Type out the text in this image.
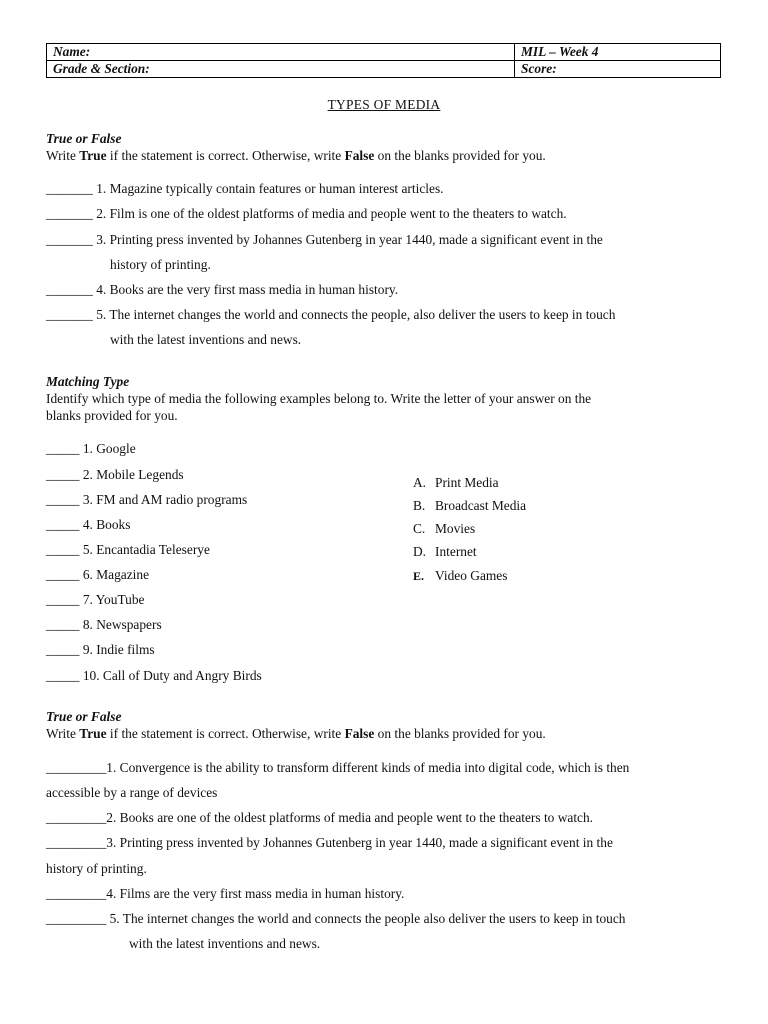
Name:	MIL – Week 4
Grade & Section:	Score:
TYPES OF MEDIA
True or False
Write True if the statement is correct. Otherwise, write False on the blanks provided for you.
_______ 1. Magazine typically contain features or human interest articles.
_______ 2. Film is one of the oldest platforms of media and people went to the theaters to watch.
_______ 3. Printing press invented by Johannes Gutenberg in year 1440, made a significant event in the
history of printing.
_______ 4. Books are the very first mass media in human history.
_______ 5. The internet changes the world and connects the people, also deliver the users to keep in touch
with the latest inventions and news.
Matching Type
Identify which type of media the following examples belong to. Write the letter of your answer on the
blanks provided for you.
_____ 1. Google
_____ 2. Mobile Legends
_____ 3. FM and AM radio programs
_____ 4. Books
_____ 5. Encantadia Teleserye
_____ 6. Magazine
_____ 7. YouTube
_____ 8. Newspapers
_____ 9. Indie films
_____ 10. Call of Duty and Angry Birds
A. Print Media
B. Broadcast Media
C. Movies
D. Internet
E. Video Games
True or False
Write True if the statement is correct. Otherwise, write False on the blanks provided for you.
_________1. Convergence is the ability to transform different kinds of media into digital code, which is then
accessible by a range of devices
_________2. Books are one of the oldest platforms of media and people went to the theaters to watch.
_________3. Printing press invented by Johannes Gutenberg in year 1440, made a significant event in the
history of printing.
_________4. Films are the very first mass media in human history.
_________ 5. The internet changes the world and connects the people also deliver the users to keep in touch
with the latest inventions and news.
